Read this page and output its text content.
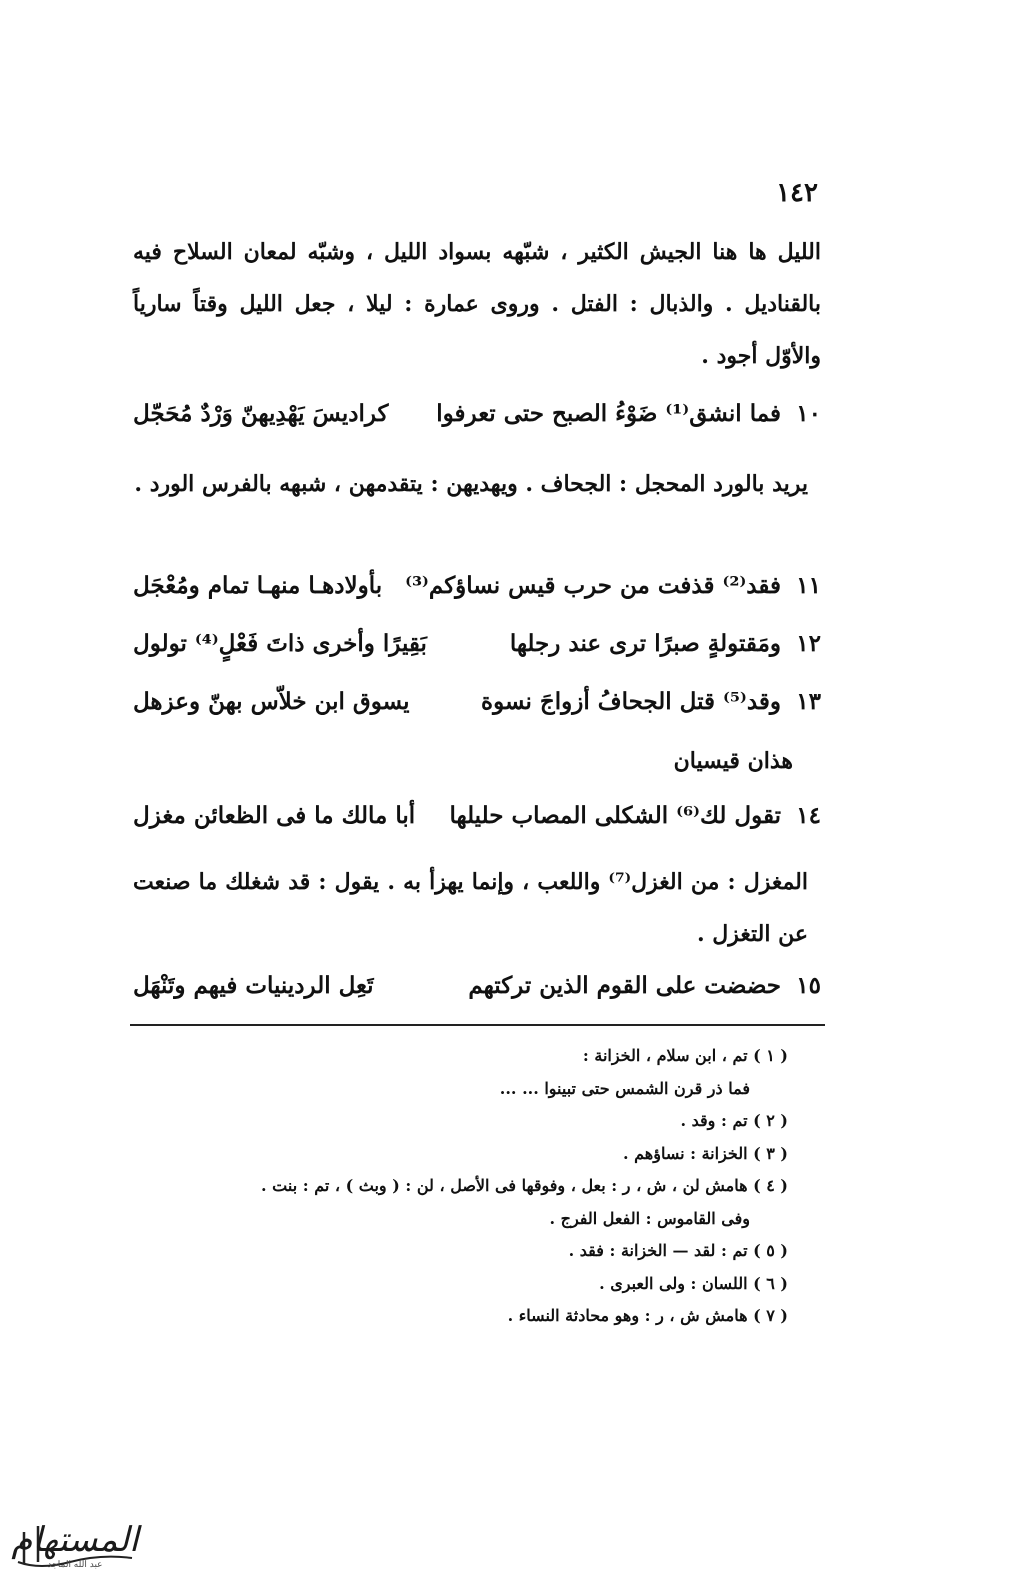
١٤٢
الليل ها هنا الجيش الكثير ، شبّهه بسواد الليل ، وشبّه لمعان السلاح فيه بالقناديل . والذبال : الفتل . وروى عمارة : ليلا ، جعل الليل وقتاً سارياً والأوّل أجود .
١٠
فما انشق⁽¹⁾ ضَوْءُ الصبح حتى تعرفوا
كراديسَ يَهْدِيهنّ وَرْدٌ مُحَجّل
يريد بالورد المحجل : الجحاف . ويهديهن : يتقدمهن ، شبهه بالفرس الورد .
١١
فقد⁽²⁾ قذفت من حرب قيس نساؤكم⁽³⁾
بأولادهـا منهـا تمام ومُعْجَل
١٢
ومَقتولةٍ صبرًا ترى عند رجلها
بَقِيرًا وأخرى ذاتَ فَعْلٍ⁽⁴⁾ تولول
١٣
وقد⁽⁵⁾ قتل الجحافُ أزواجَ نسوة
يسوق ابن خلاّس بهنّ وعزهل
هذان قيسيان
١٤
تقول لك⁽⁶⁾ الشكلى المصاب حليلها
أبا مالك ما فى الظعائن مغزل
المغزل : من الغزل⁽⁷⁾ واللعب ، وإنما يهزأ به . يقول : قد شغلك ما صنعت عن التغزل .
١٥
حضضت على القوم الذين تركتهم
تَعِل الردينيات فيهم وتَنْهَل
( ١ ) تم ، ابن سلام ، الخزانة :
فما ذر قرن الشمس حتى تبينوا ... ...
( ٢ ) تم : وقد .
( ٣ ) الخزانة : نساؤهم .
( ٤ ) هامش لن ، ش ، ر : بعل ، وفوقها فى الأصل ، لن : ( وبث ) ، تم : بنت .
وفى القاموس : الفعل الفرج .
( ٥ ) تم : لقد — الخزانة : فقد .
( ٦ ) اللسان : ولى العبرى .
( ٧ ) هامش ش ، ر : وهو محادثة النساء .
المستهام
عبد الله الماجد
